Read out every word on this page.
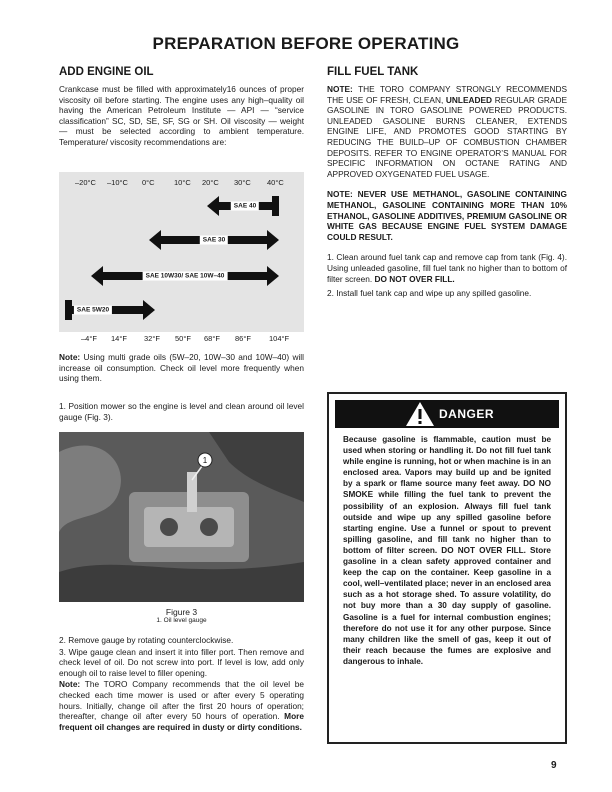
PREPARATION BEFORE OPERATING
ADD ENGINE OIL

Crankcase must be filled with approximately16 ounces of proper viscosity oil before starting. The engine uses any high–quality oil having the American Petroleum Institute — API — “service classification” SC, SD, SE, SF, SG or SH. Oil viscosity — weight — must be selected according to ambient temperature. Temperature/ viscosity recommendations are:

–20°C –10°C 0°C	10°C 20°C 30°C 40°C
SAE 40
SAE 30
SAE 10W30/ SAE 10W–40
SAE 5W20
–4°F 14°F 32°F 50°F 68°F 86°F 104°F

Note: Using multi grade oils (5W–20, 10W–30 and 10W–40) will increase oil consumption. Check oil level more frequently when using them.

1. Position mower so the engine is level and clean around oil level gauge (Fig. 3).

1
Figure 3
1. Oil level gauge

2. Remove gauge by rotating counterclockwise.

3. Wipe gauge clean and insert it into filler port. Then remove and check level of oil. Do not screw into port. If level is low, add only enough oil to raise level to filler opening.

Note: The TORO Company recommends that the oil level be checked each time mower is used or after every 5 operating hours. Initially, change oil after the first 20 hours of operation; thereafter, change oil after every 50 hours of operation. More frequent oil changes are required in dusty or dirty conditions.

FILL FUEL TANK

NOTE: THE TORO COMPANY STRONGLY RECOMMENDS THE USE OF FRESH, CLEAN, UNLEADED REGULAR GRADE GASOLINE IN TORO GASOLINE POWERED PRODUCTS. UNLEADED GASOLINE BURNS CLEANER, EXTENDS ENGINE LIFE, AND PROMOTES GOOD STARTING BY REDUCING THE BUILD–UP OF COMBUSTION CHAMBER DEPOSITS. REFER TO ENGINE OPERATOR’S MANUAL FOR SPECIFIC INFORMATION ON OCTANE RATING AND APPROVED OXYGENATED FUEL USAGE.

NOTE: NEVER USE METHANOL, GASOLINE CONTAINING METHANOL, GASOLINE CONTAINING MORE THAN 10% ETHANOL, GASOLINE ADDITIVES, PREMIUM GASOLINE OR WHITE GAS BECAUSE ENGINE FUEL SYSTEM DAMAGE COULD RESULT.

1. Clean around fuel tank cap and remove cap from tank (Fig. 4). Using unleaded gasoline, fill fuel tank no higher than to bottom of filter screen. DO NOT OVER FILL.

2. Install fuel tank cap and wipe up any spilled gasoline.

DANGER

Because gasoline is flammable, caution must be used when storing or handling it. Do not fill fuel tank while engine is running, hot or when machine is in an enclosed area. Vapors may build up and be ignited by a spark or flame source many feet away. DO NO SMOKE while filling the fuel tank to prevent the possibility of an explosion. Always fill fuel tank outside and wipe up any spilled gasoline before starting engine. Use a funnel or spout to prevent spilling gasoline, and fill tank no higher than to bottom of filter screen. DO NOT OVER FILL. Store gasoline in a clean safety approved container and keep the cap on the container. Keep gasoline in a cool, well–ventilated place; never in an enclosed area such as a hot storage shed. To assure volatility, do not buy more than a 30 day supply of gasoline. Gasoline is a fuel for internal combustion engines; therefore do not use it for any other purpose. Since many children like the smell of gas, keep it out of their reach because the fumes are explosive and dangerous to inhale.

9
